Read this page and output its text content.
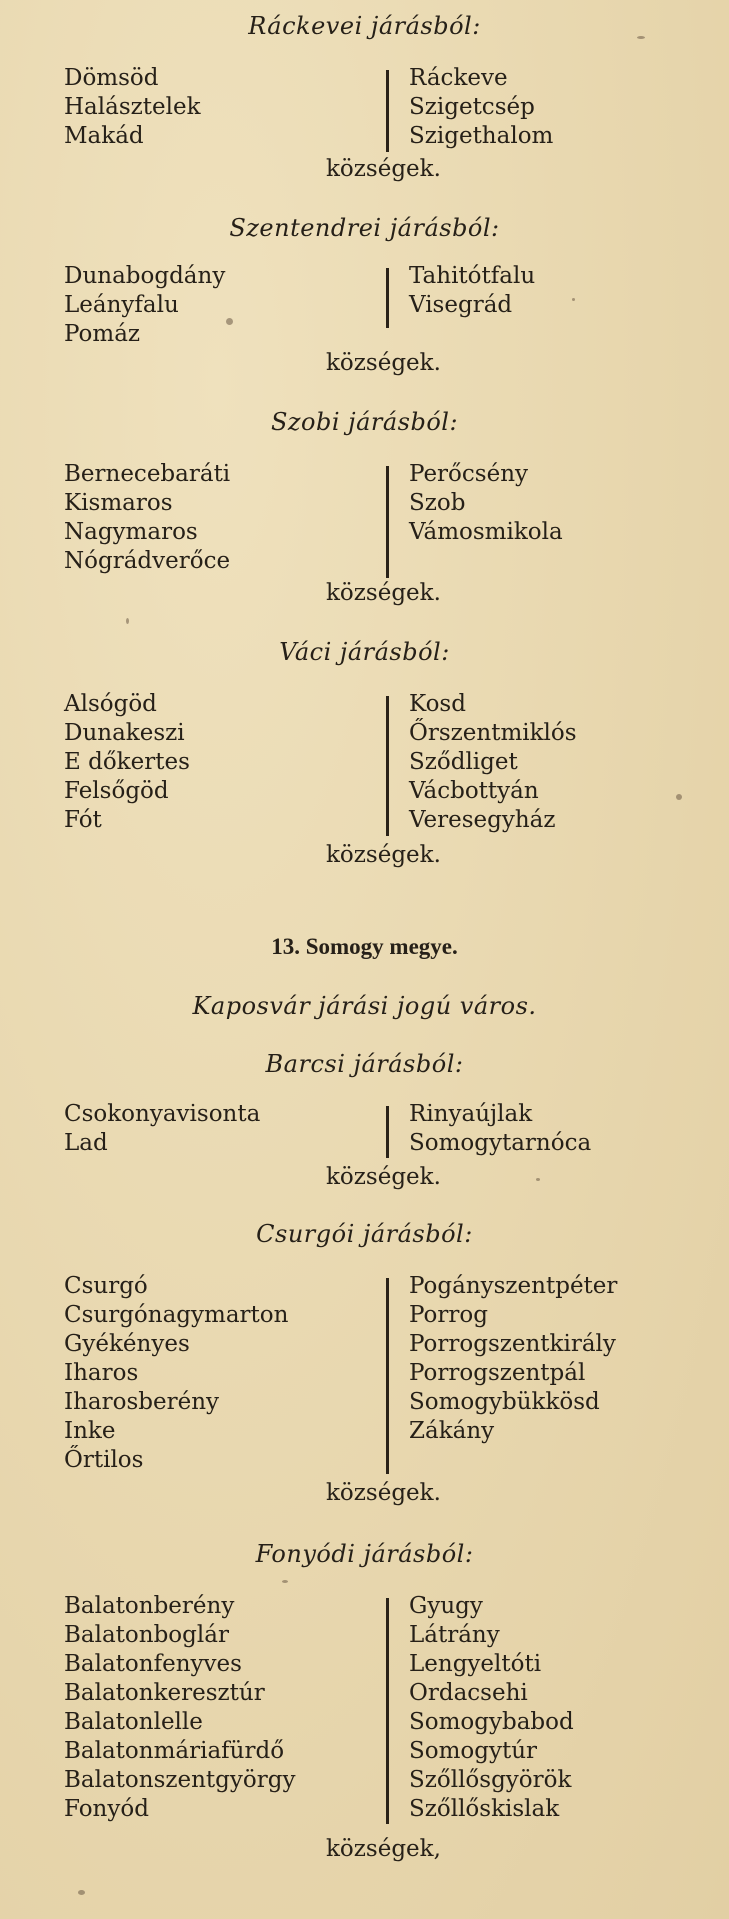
Ráckevei járásból:
Dömsöd
Halásztelek
Makád
Ráckeve
Szigetcsép
Szigethalom
községek.
Szentendrei járásból:
Dunabogdány
Leányfalu
Pomáz
Tahitótfalu
Visegrád
községek.
Szobi járásból:
Bernecebaráti
Kismaros
Nagymaros
Nógrádverőce
Perőcsény
Szob
Vámosmikola
községek.
Váci járásból:
Alsógöd
Dunakeszi
E dőkertes
Felsőgöd
Fót
Kosd
Őrszentmiklós
Sződliget
Vácbottyán
Veresegyház
községek.
13. Somogy megye.
Kaposvár járási jogú város.
Barcsi járásból:
Csokonyavisonta
Lad
Rinyaújlak
Somogytarnóca
községek.
Csurgói járásból:
Csurgó
Csurgónagymarton
Gyékényes
Iharos
Iharosberény
Inke
Őrtilos
Pogányszentpéter
Porrog
Porrogszentkirály
Porrogszentpál
Somogybükkösd
Zákány
községek.
Fonyódi járásból:
Balatonberény
Balatonboglár
Balatonfenyves
Balatonkeresztúr
Balatonlelle
Balatonmáriafürdő
Balatonszentgyörgy
Fonyód
Gyugy
Látrány
Lengyeltóti
Ordacsehi
Somogybabod
Somogytúr
Szőllősgyörök
Szőllőskislak
községek,
